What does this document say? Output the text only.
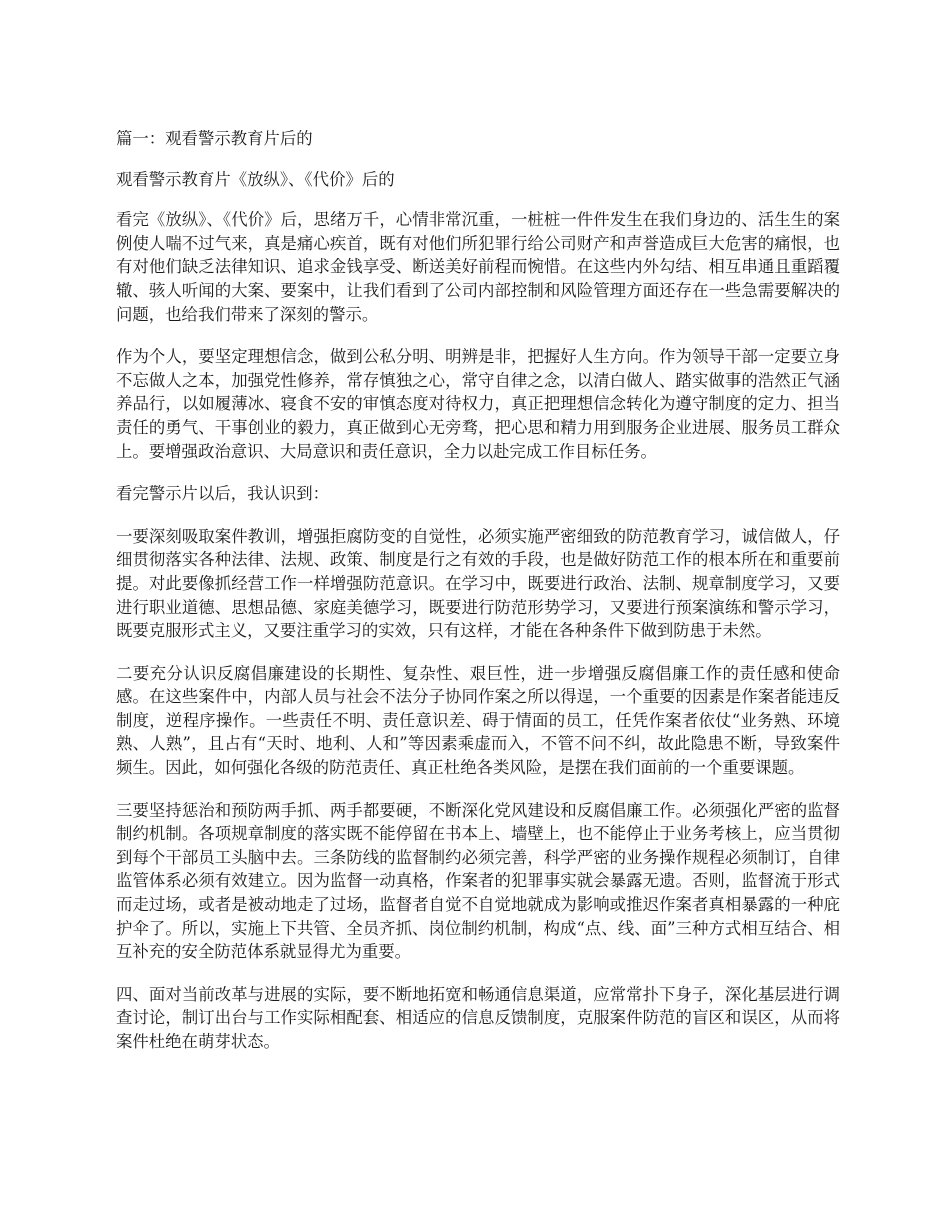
篇一：观看警示教育片后的

观看警示教育片《放纵》、《代价》后的

看完《放纵》、《代价》后，思绪万千，心情非常沉重，一桩桩一件件发生在我们身边的、活生生的案例使人喘不过气来，真是痛心疾首，既有对他们所犯罪行给公司财产和声誉造成巨大危害的痛恨，也有对他们缺乏法律知识、追求金钱享受、断送美好前程而惋惜。在这些内外勾结、相互串通且重蹈覆辙、骇人听闻的大案、要案中，让我们看到了公司内部控制和风险管理方面还存在一些急需要解决的问题，也给我们带来了深刻的警示。

作为个人，要坚定理想信念，做到公私分明、明辨是非，把握好人生方向。作为领导干部一定要立身不忘做人之本，加强党性修养，常存慎独之心，常守自律之念，以清白做人、踏实做事的浩然正气涵养品行，以如履薄冰、寝食不安的审慎态度对待权力，真正把理想信念转化为遵守制度的定力、担当责任的勇气、干事创业的毅力，真正做到心无旁骛，把心思和精力用到服务企业进展、服务员工群众上。要增强政治意识、大局意识和责任意识，全力以赴完成工作目标任务。

看完警示片以后，我认识到：

一要深刻吸取案件教训，增强拒腐防变的自觉性，必须实施严密细致的防范教育学习，诚信做人，仔细贯彻落实各种法律、法规、政策、制度是行之有效的手段，也是做好防范工作的根本所在和重要前提。对此要像抓经营工作一样增强防范意识。在学习中，既要进行政治、法制、规章制度学习，又要进行职业道德、思想品德、家庭美德学习，既要进行防范形势学习，又要进行预案演练和警示学习，既要克服形式主义，又要注重学习的实效，只有这样，才能在各种条件下做到防患于未然。

二要充分认识反腐倡廉建设的长期性、复杂性、艰巨性，进一步增强反腐倡廉工作的责任感和使命感。在这些案件中，内部人员与社会不法分子协同作案之所以得逞，一个重要的因素是作案者能违反制度，逆程序操作。一些责任不明、责任意识差、碍于情面的员工，任凭作案者依仗“业务熟、环境熟、人熟”，且占有“天时、地利、人和”等因素乘虚而入，不管不问不纠，故此隐患不断，导致案件频生。因此，如何强化各级的防范责任、真正杜绝各类风险，是摆在我们面前的一个重要课题。

三要坚持惩治和预防两手抓、两手都要硬，不断深化党风建设和反腐倡廉工作。必须强化严密的监督制约机制。各项规章制度的落实既不能停留在书本上、墙壁上，也不能停止于业务考核上，应当贯彻到每个干部员工头脑中去。三条防线的监督制约必须完善，科学严密的业务操作规程必须制订，自律监管体系必须有效建立。因为监督一动真格，作案者的犯罪事实就会暴露无遗。否则，监督流于形式而走过场，或者是被动地走了过场，监督者自觉不自觉地就成为影响或推迟作案者真相暴露的一种庇护伞了。所以，实施上下共管、全员齐抓、岗位制约机制，构成“点、线、面”三种方式相互结合、相互补充的安全防范体系就显得尤为重要。

四、面对当前改革与进展的实际，要不断地拓宽和畅通信息渠道，应常常扑下身子，深化基层进行调查讨论，制订出台与工作实际相配套、相适应的信息反馈制度，克服案件防范的盲区和误区，从而将案件杜绝在萌芽状态。
